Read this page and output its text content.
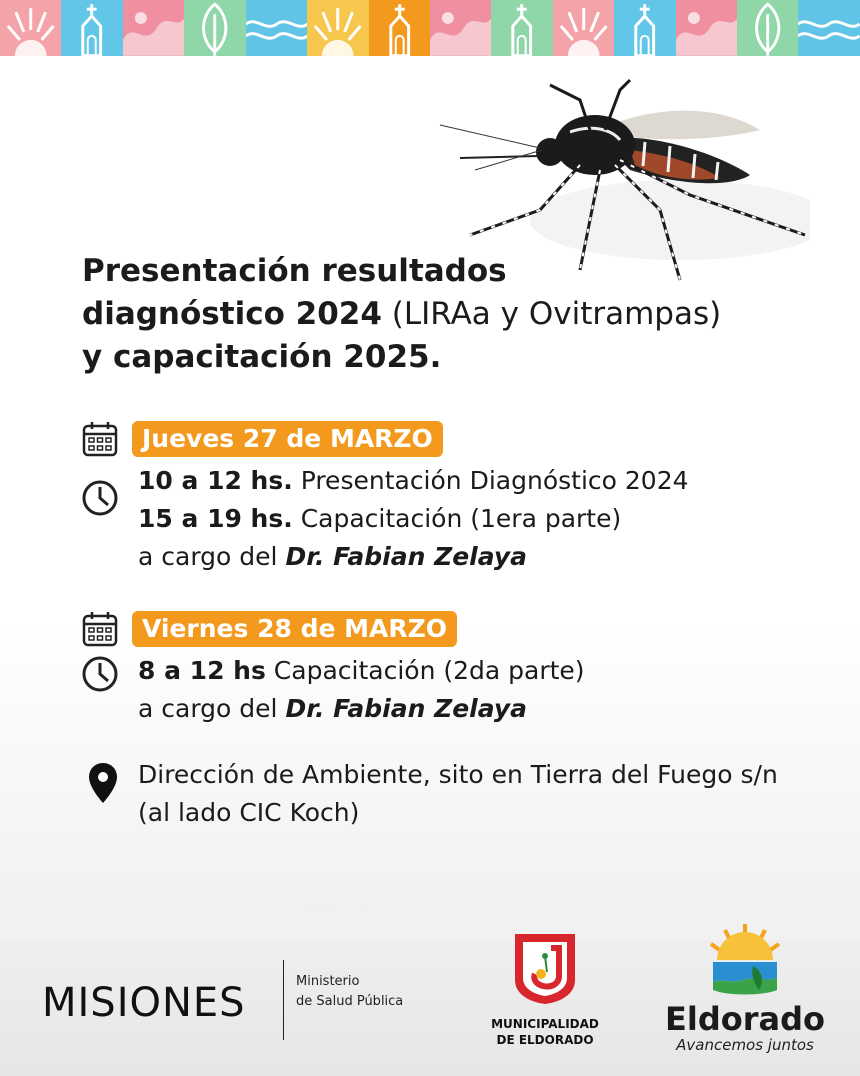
Presentación resultados
diagnóstico 2024 (LIRAa y Ovitrampas)
y capacitación 2025.
Jueves 27 de MARZO
10 a 12 hs. Presentación Diagnóstico 2024
15 a 19 hs. Capacitación (1era parte)
a cargo del Dr. Fabian Zelaya
Viernes 28 de MARZO
8 a 12 hs Capacitación (2da parte)
a cargo del Dr. Fabian Zelaya
Dirección de Ambiente, sito en Tierra del Fuego s/n
(al lado CIC Koch)
MISIONES	Ministerio
de Salud Pública
MUNICIPALIDAD
DE ELDORADO
Eldorado
Avancemos juntos
